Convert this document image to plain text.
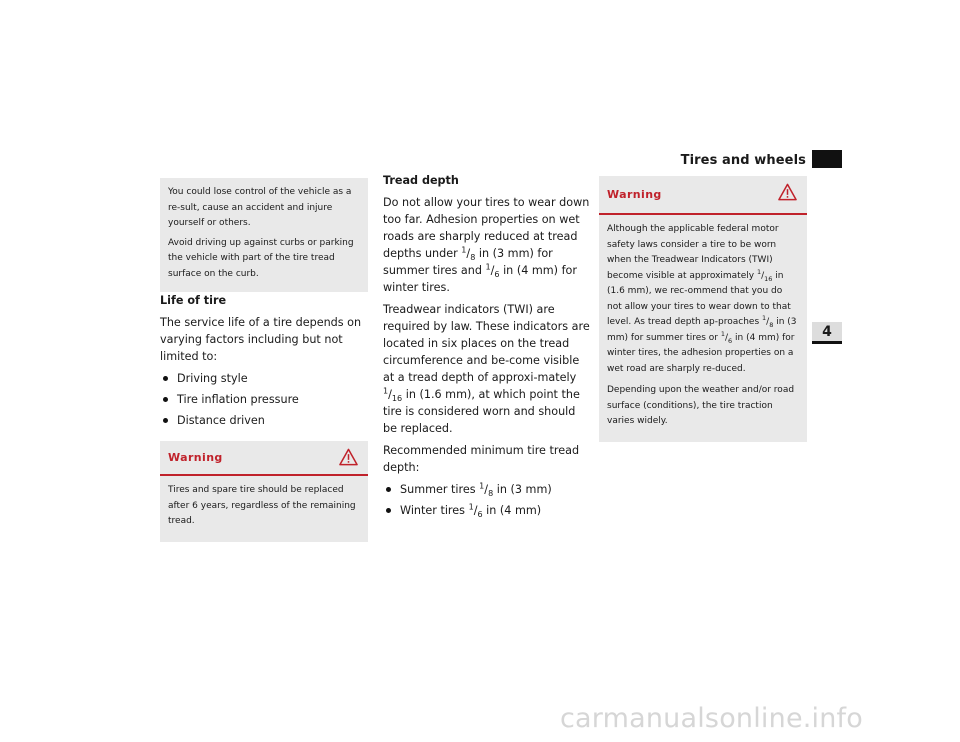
Tires and wheels
4

You could lose control of the vehicle as a re-sult, cause an accident and injure yourself or others.

Avoid driving up against curbs or parking the vehicle with part of the tire tread surface on the curb.

Life of tire

The service life of a tire depends on varying factors including but not limited to:

Driving style
Tire inflation pressure
Distance driven
Warning

Tires and spare tire should be replaced after 6 years, regardless of the remaining tread.

Tread depth

Do not allow your tires to wear down too far. Adhesion properties on wet roads are sharply reduced at tread depths under $^1/_8$ in (3 mm) for summer tires and $^1/_6$ in (4 mm) for winter tires.

Treadwear indicators (TWI) are required by law. These indicators are located in six places on the tread circumference and be-come visible at a tread depth of approxi-mately $^1/_{16}$ in (1.6 mm), at which point the tire is considered worn and should be replaced.

Recommended minimum tire tread depth:

Summer tires $^1/_8$ in (3 mm)
Winter tires $^1/_6$ in (4 mm)
Warning

Although the applicable federal motor safety laws consider a tire to be worn when the Treadwear Indicators (TWI) become visible at approximately $^1/_{16}$ in (1.6 mm), we rec-ommend that you do not allow your tires to wear down to that level. As tread depth ap-proaches $^1/_8$ in (3 mm) for summer tires or $^1/_6$ in (4 mm) for winter tires, the adhesion properties on a wet road are sharply re-duced.

Depending upon the weather and/or road surface (conditions), the tire traction varies widely.

carmanualsonline.info
